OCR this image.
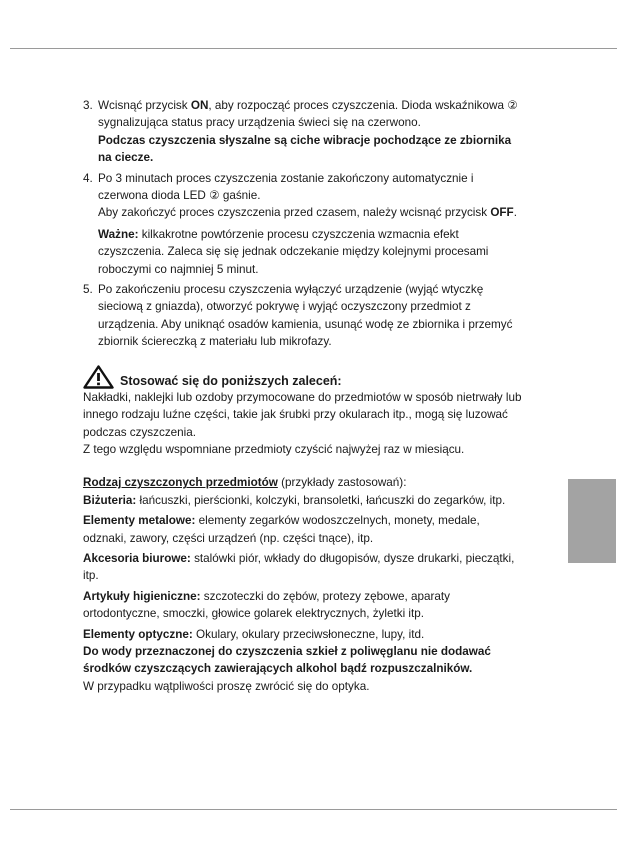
3. Wcisnąć przycisk ON, aby rozpocząć proces czyszczenia. Dioda wskaźnikowa ② sygnalizująca status pracy urządzenia świeci się na czerwono.

Podczas czyszczenia słyszalne są ciche wibracje pochodzące ze zbiornika na ciecze.

4. Po 3 minutach proces czyszczenia zostanie zakończony automatycznie i czerwona dioda LED ② gaśnie.

Aby zakończyć proces czyszczenia przed czasem, należy wcisnąć przycisk OFF.

Ważne: kilkakrotne powtórzenie procesu czyszczenia wzmacnia efekt czyszczenia. Zaleca się się jednak odczekanie między kolejnymi procesami roboczymi co najmniej 5 minut.

5. Po zakończeniu procesu czyszczenia wyłączyć urządzenie (wyjąć wtyczkę sieciową z gniazda), otworzyć pokrywę i wyjąć oczyszczony przedmiot z urządzenia. Aby uniknąć osadów kamienia, usunąć wodę ze zbiornika i przemyć zbiornik ściereczką z materiału lub mikrofazy.

Stosować się do poniższych zaleceń:

Nakładki, naklejki lub ozdoby przymocowane do przedmiotów w sposób nietrwały lub innego rodzaju luźne części, takie jak śrubki przy okularach itp., mogą się luzować podczas czyszczenia.

Z tego względu wspomniane przedmioty czyścić najwyżej raz w miesiącu.

Rodzaj czyszczonych przedmiotów (przykłady zastosowań):

Biżuteria: łańcuszki, pierścionki, kolczyki, bransoletki, łańcuszki do zegarków, itp.

Elementy metalowe: elementy zegarków wodoszczelnych, monety, medale, odznaki, zawory, części urządzeń (np. części tnące), itp.

Akcesoria biurowe: stalówki piór, wkłady do długopisów, dysze drukarki, pieczątki, itp.

Artykuły higieniczne: szczoteczki do zębów, protezy zębowe, aparaty ortodontyczne, smoczki, głowice golarek elektrycznych, żyletki itp.

Elementy optyczne: Okulary, okulary przeciwsłoneczne, lupy, itd.

Do wody przeznaczonej do czyszczenia szkieł z poliwęglanu nie dodawać środków czyszczących zawierających alkohol bądź rozpuszczalników.

W przypadku wątpliwości proszę zwrócić się do optyka.
